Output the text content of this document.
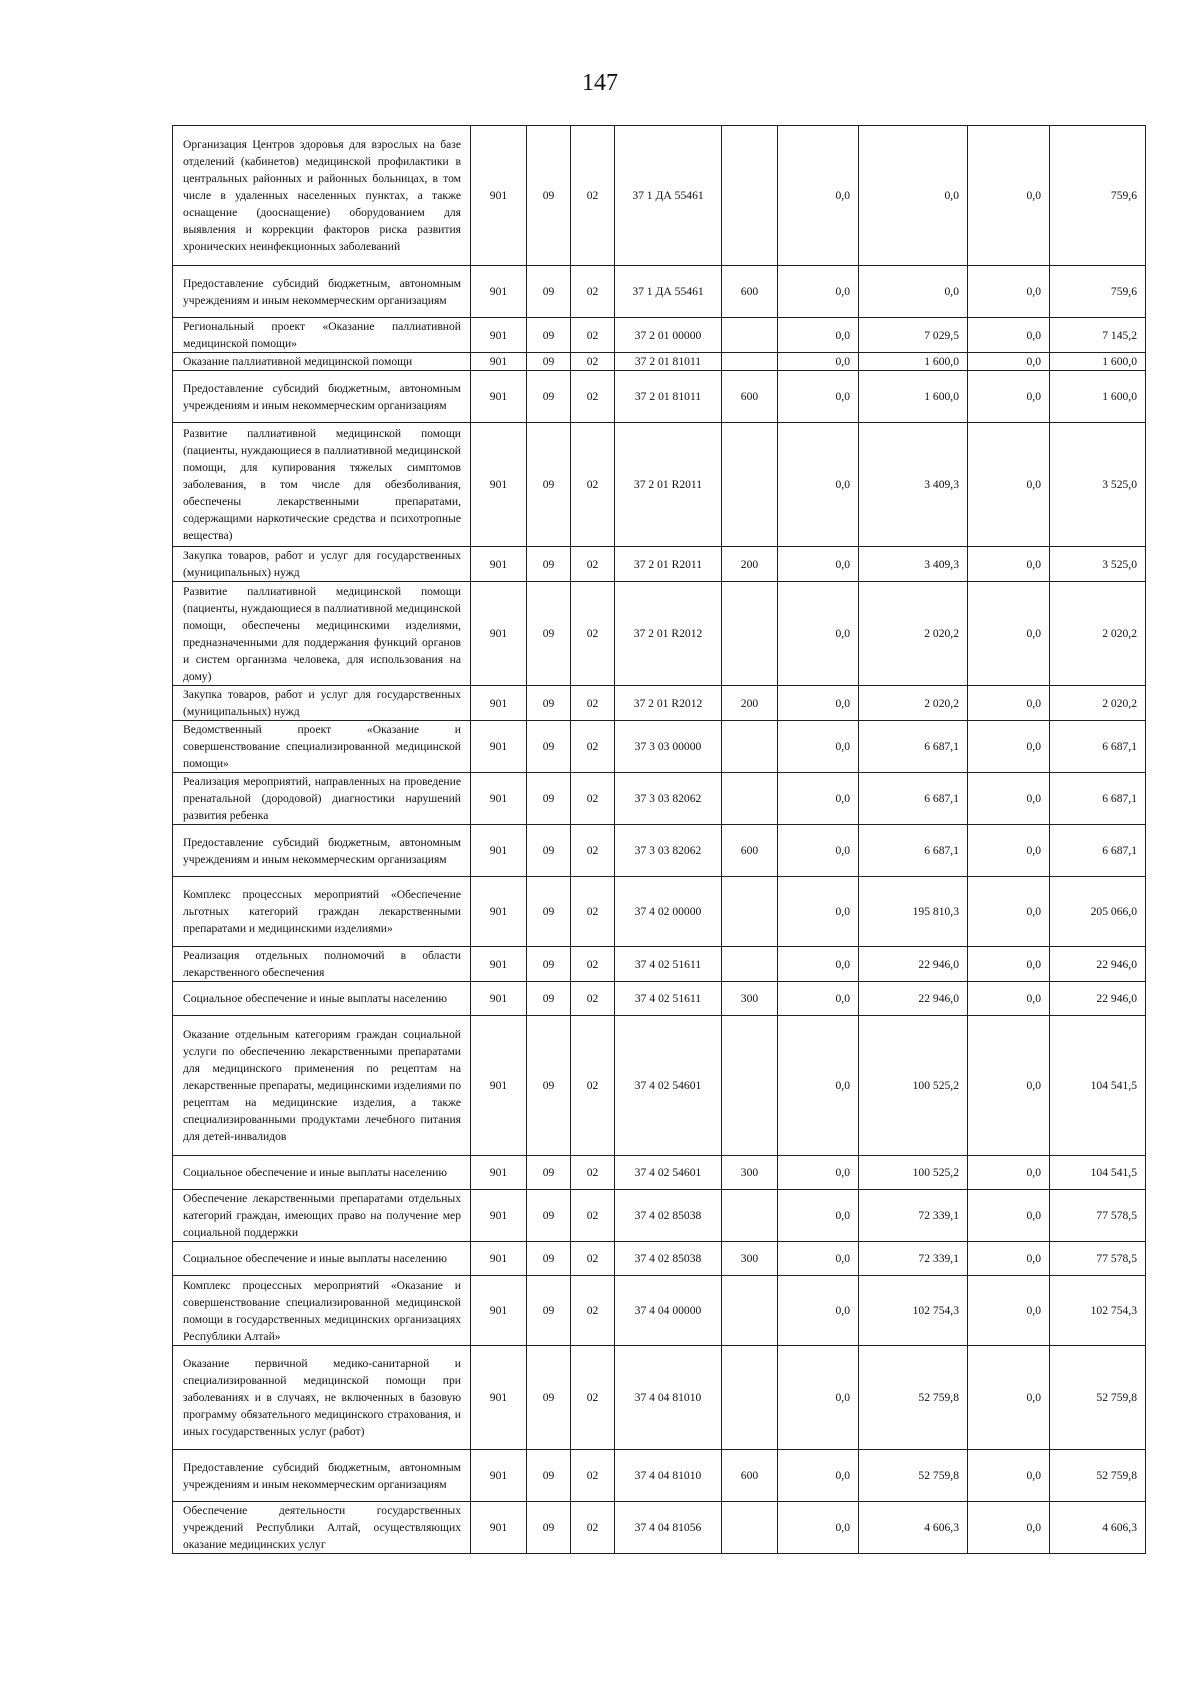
147
Организация Центров здоровья для взрослых на базе отделений (кабинетов) медицинской профилактики в центральных районных и районных больницах, в том числе в удаленных населенных пунктах, а также оснащение (дооснащение) оборудованием для выявления и коррекции факторов риска развития хронических неинфекционных заболеваний	901	09	02	37 1 ДА 55461		0,0	0,0	0,0	759,6
Предоставление субсидий бюджетным, автономным учреждениям и иным некоммерческим организациям	901	09	02	37 1 ДА 55461	600	0,0	0,0	0,0	759,6
Региональный проект «Оказание паллиативной медицинской помощи»	901	09	02	37 2 01 00000		0,0	7 029,5	0,0	7 145,2
Оказание паллиативной медицинской помощи	901	09	02	37 2 01 81011		0,0	1 600,0	0,0	1 600,0
Предоставление субсидий бюджетным, автономным учреждениям и иным некоммерческим организациям	901	09	02	37 2 01 81011	600	0,0	1 600,0	0,0	1 600,0
Развитие паллиативной медицинской помощи (пациенты, нуждающиеся в паллиативной медицинской помощи, для купирования тяжелых симптомов заболевания, в том числе для обезболивания, обеспечены лекарственными препаратами, содержащими наркотические средства и психотропные вещества)	901	09	02	37 2 01 R2011		0,0	3 409,3	0,0	3 525,0
Закупка товаров, работ и услуг для государственных (муниципальных) нужд	901	09	02	37 2 01 R2011	200	0,0	3 409,3	0,0	3 525,0
Развитие паллиативной медицинской помощи (пациенты, нуждающиеся в паллиативной медицинской помощи, обеспечены медицинскими изделиями, предназначенными для поддержания функций органов и систем организма человека, для использования на дому)	901	09	02	37 2 01 R2012		0,0	2 020,2	0,0	2 020,2
Закупка товаров, работ и услуг для государственных (муниципальных) нужд	901	09	02	37 2 01 R2012	200	0,0	2 020,2	0,0	2 020,2
Ведомственный проект «Оказание и совершенствование специализированной медицинской помощи»	901	09	02	37 3 03 00000		0,0	6 687,1	0,0	6 687,1
Реализация мероприятий, направленных на проведение пренатальной (дородовой) диагностики нарушений развития ребенка	901	09	02	37 3 03 82062		0,0	6 687,1	0,0	6 687,1
Предоставление субсидий бюджетным, автономным учреждениям и иным некоммерческим организациям	901	09	02	37 3 03 82062	600	0,0	6 687,1	0,0	6 687,1
Комплекс процессных мероприятий «Обеспечение льготных категорий граждан лекарственными препаратами и медицинскими изделиями»	901	09	02	37 4 02 00000		0,0	195 810,3	0,0	205 066,0
Реализация отдельных полномочий в области лекарственного обеспечения	901	09	02	37 4 02 51611		0,0	22 946,0	0,0	22 946,0
Социальное обеспечение и иные выплаты населению	901	09	02	37 4 02 51611	300	0,0	22 946,0	0,0	22 946,0
Оказание отдельным категориям граждан социальной услуги по обеспечению лекарственными препаратами для медицинского применения по рецептам на лекарственные препараты, медицинскими изделиями по рецептам на медицинские изделия, а также специализированными продуктами лечебного питания для детей-инвалидов	901	09	02	37 4 02 54601		0,0	100 525,2	0,0	104 541,5
Социальное обеспечение и иные выплаты населению	901	09	02	37 4 02 54601	300	0,0	100 525,2	0,0	104 541,5
Обеспечение лекарственными препаратами отдельных категорий граждан, имеющих право на получение мер социальной поддержки	901	09	02	37 4 02 85038		0,0	72 339,1	0,0	77 578,5
Социальное обеспечение и иные выплаты населению	901	09	02	37 4 02 85038	300	0,0	72 339,1	0,0	77 578,5
Комплекс процессных мероприятий «Оказание и совершенствование специализированной медицинской помощи в государственных медицинских организациях Республики Алтай»	901	09	02	37 4 04 00000		0,0	102 754,3	0,0	102 754,3
Оказание первичной медико-санитарной и специализированной медицинской помощи при заболеваниях и в случаях, не включенных в базовую программу обязательного медицинского страхования, и иных государственных услуг (работ)	901	09	02	37 4 04 81010		0,0	52 759,8	0,0	52 759,8
Предоставление субсидий бюджетным, автономным учреждениям и иным некоммерческим организациям	901	09	02	37 4 04 81010	600	0,0	52 759,8	0,0	52 759,8
Обеспечение деятельности государственных учреждений Республики Алтай, осуществляющих оказание медицинских услуг	901	09	02	37 4 04 81056		0,0	4 606,3	0,0	4 606,3
